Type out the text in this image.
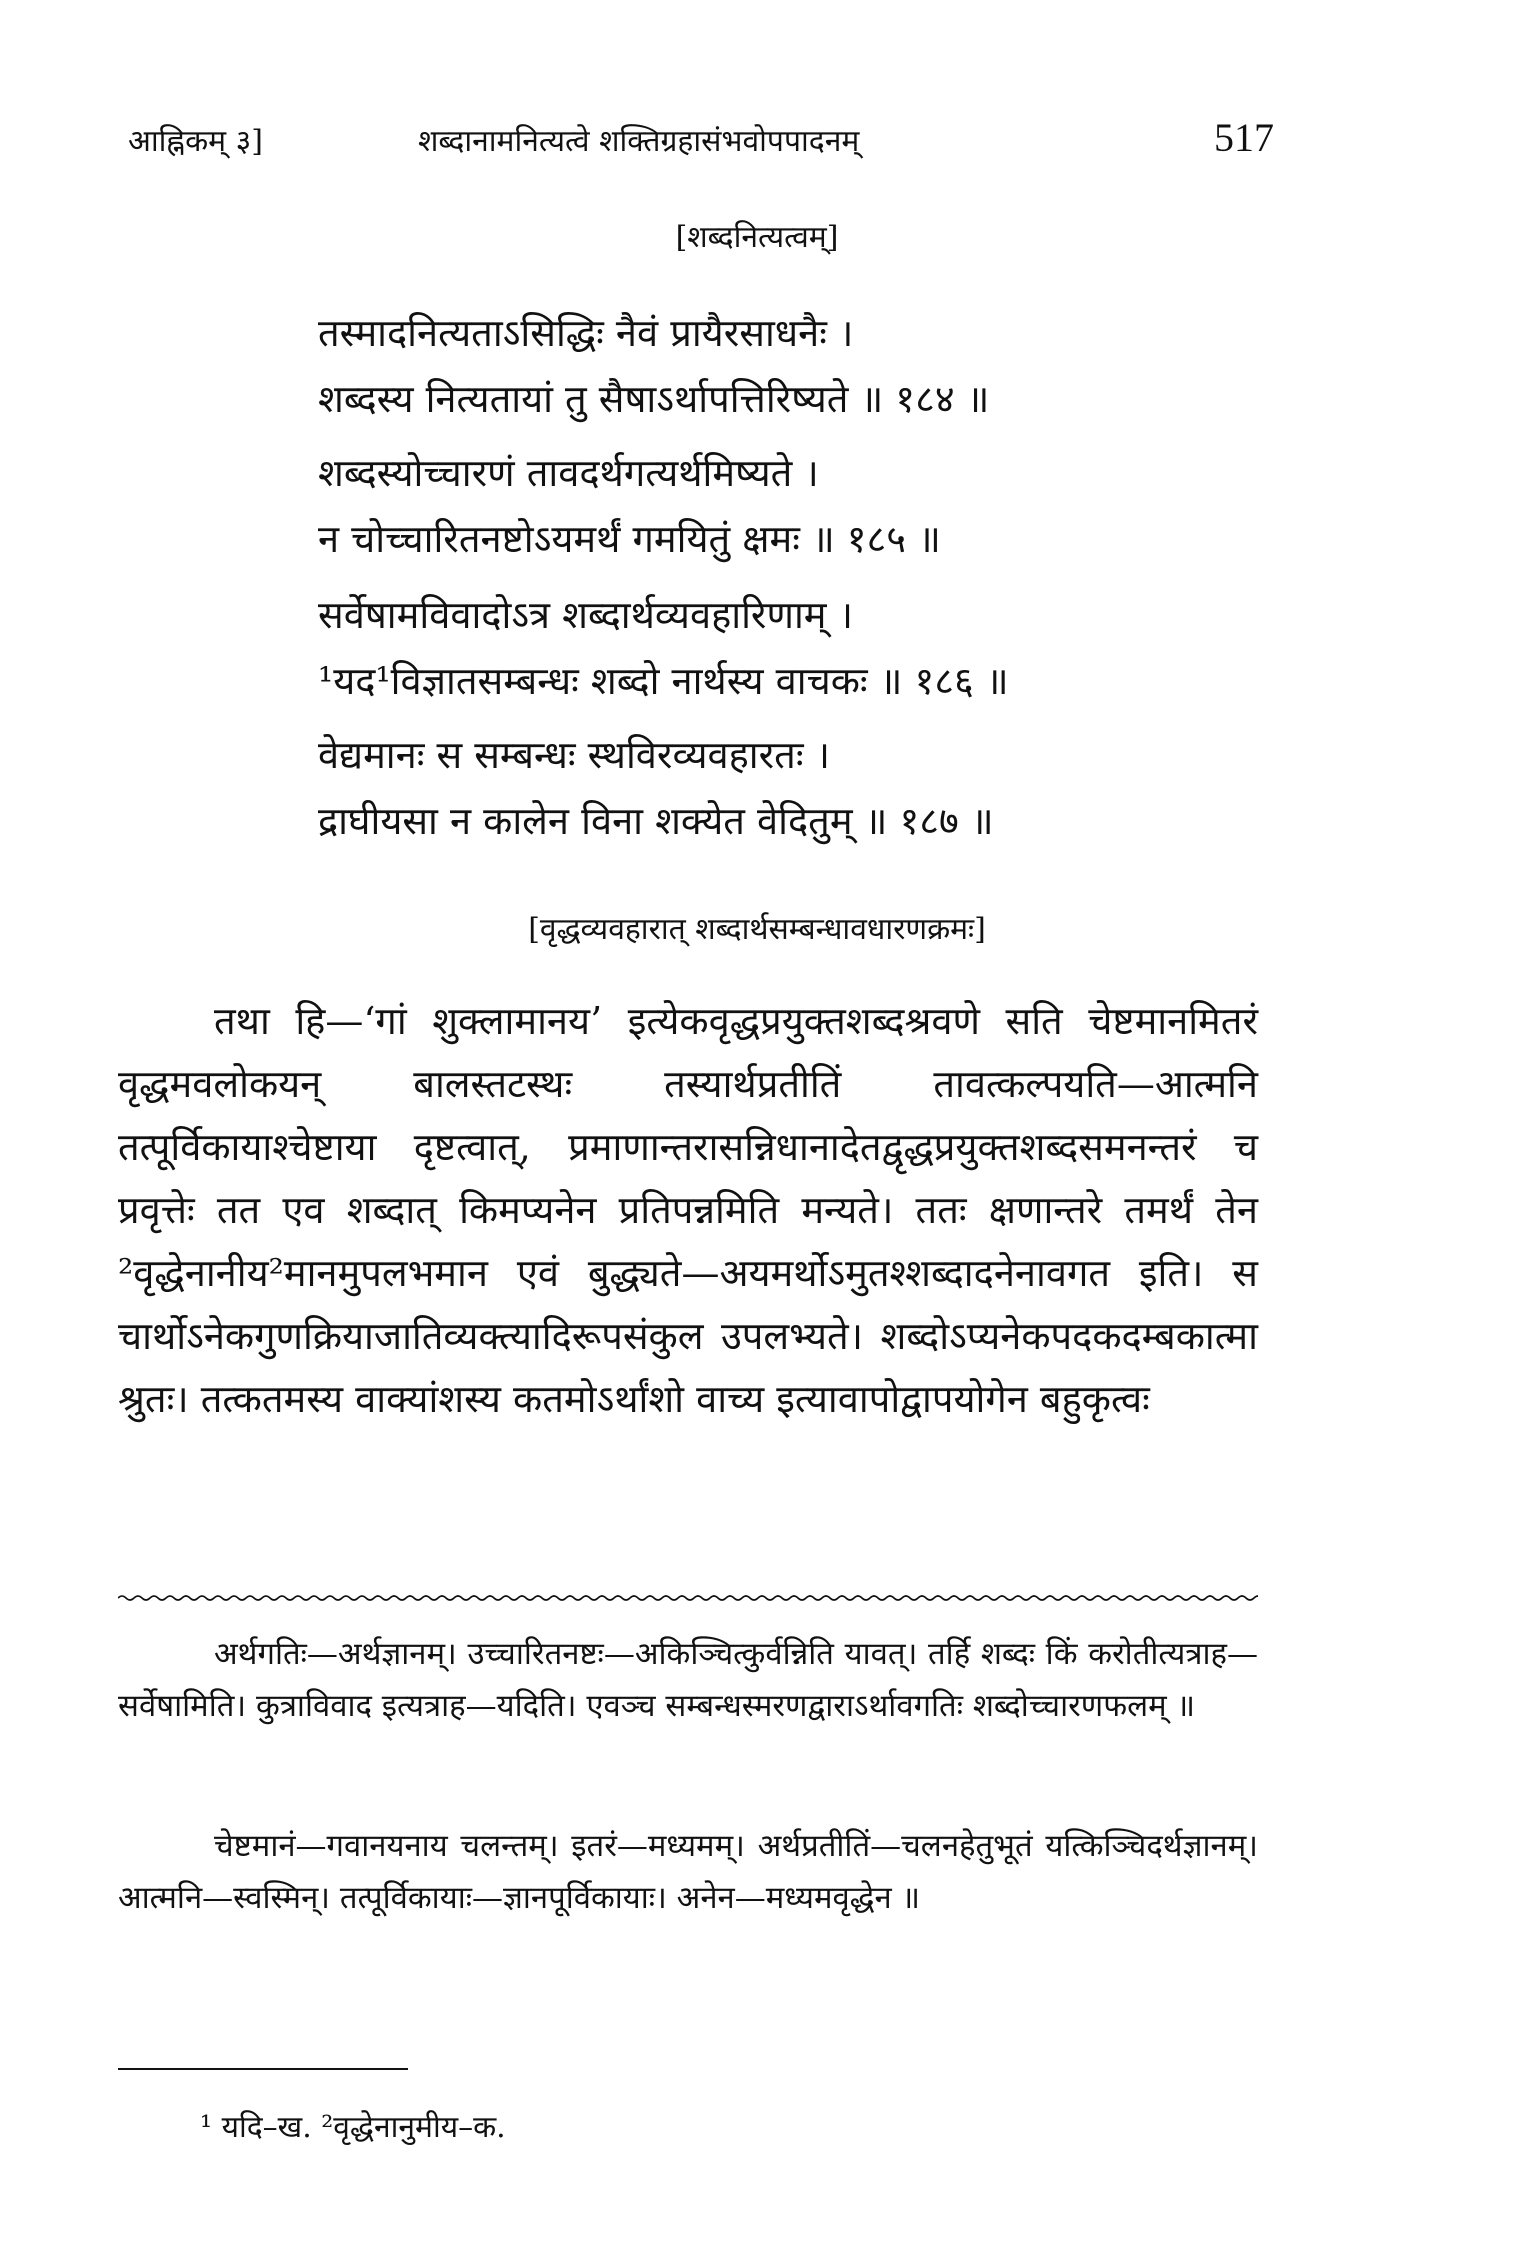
आह्निकम् ३]	शब्दानामनित्यत्वे शक्तिग्रहासंभवोपपादनम्	517
[शब्दनित्यत्वम्]
तस्मादनित्यताऽसिद्धिः नैवं प्रायैरसाधनैः ।
शब्दस्य नित्यतायां तु सैषाऽर्थापत्तिरिष्यते ॥ १८४ ॥
शब्दस्योच्चारणं तावदर्थगत्यर्थमिष्यते ।
न चोच्चारितनष्टोऽयमर्थं गमयितुं क्षमः ॥ १८५ ॥
सर्वेषामविवादोऽत्र शब्दार्थव्यवहारिणाम् ।
¹यद¹विज्ञातसम्बन्धः शब्दो नार्थस्य वाचकः ॥ १८६ ॥
वेद्यमानः स सम्बन्धः स्थविरव्यवहारतः ।
द्राघीयसा न कालेन विना शक्येत वेदितुम् ॥ १८७ ॥
[वृद्धव्यवहारात् शब्दार्थसम्बन्धावधारणक्रमः]
तथा हि—‘गां शुक्लामानय’ इत्येकवृद्धप्रयुक्तशब्दश्रवणे सति चेष्टमानमितरं वृद्धमवलोकयन् बालस्तटस्थः तस्यार्थप्रतीतिं तावत्कल्पयति—आत्मनि तत्पूर्विकायाश्चेष्टाया दृष्टत्वात्, प्रमाणान्तरासन्निधानादेतद्वृद्धप्रयुक्तशब्दसमनन्तरं च प्रवृत्तेः तत एव शब्दात् किमप्यनेन प्रतिपन्नमिति मन्यते। ततः क्षणान्तरे तमर्थं तेन ²वृद्धेनानीय²मानमुपलभमान एवं बुद्ध्यते—अयमर्थोऽमुतश्शब्दादनेनावगत इति। स चार्थोऽनेकगुणक्रियाजातिव्यक्त्यादिरूपसंकुल उपलभ्यते। शब्दोऽप्यनेकपदकदम्बकात्मा श्रुतः। तत्कतमस्य वाक्यांशस्य कतमोऽर्थांशो वाच्य इत्यावापोद्वापयोगेन बहुकृत्वः
अर्थगतिः—अर्थज्ञानम्। उच्चारितनष्टः—अकिञ्चित्कुर्वन्निति यावत्। तर्हि शब्दः किं करोतीत्यत्राह—सर्वेषामिति। कुत्राविवाद इत्यत्राह—यदिति। एवञ्च सम्बन्धस्मरणद्वाराऽर्थावगतिः शब्दोच्चारणफलम् ॥
चेष्टमानं—गवानयनाय चलन्तम्। इतरं—मध्यमम्। अर्थप्रतीतिं—चलनहेतुभूतं यत्किञ्चिदर्थज्ञानम्। आत्मनि—स्वस्मिन्। तत्पूर्विकायाः—ज्ञानपूर्विकायाः। अनेन—मध्यमवृद्धेन ॥
¹ यदि–ख. ²वृद्धेनानुमीय–क.
